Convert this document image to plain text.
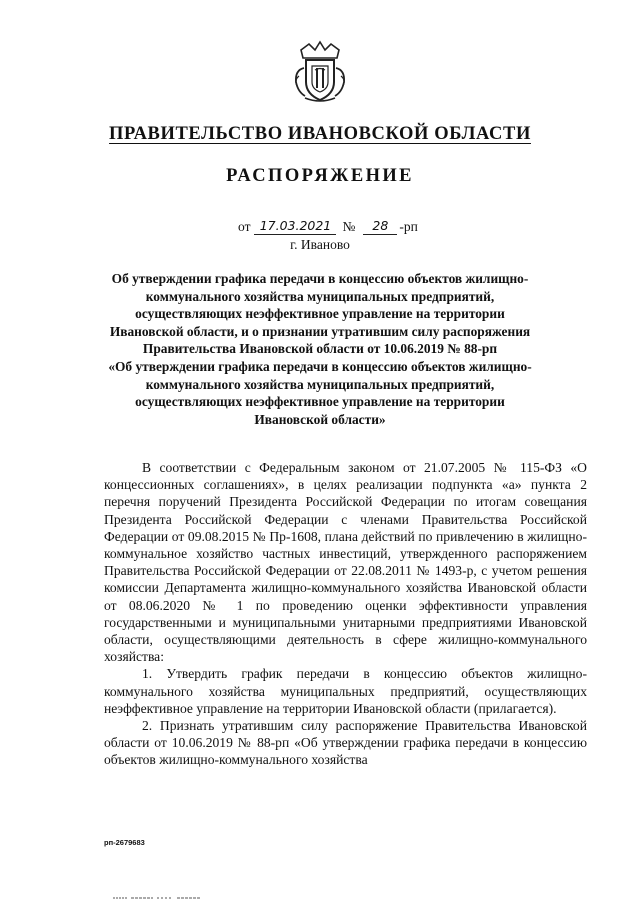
ПРАВИТЕЛЬСТВО ИВАНОВСКОЙ ОБЛАСТИ
РАСПОРЯЖЕНИЕ
от 17.03.2021 №	28 -рп
г. Иваново

Об утверждении графика передачи в концессию объектов жилищно-

коммунального хозяйства муниципальных предприятий,

осуществляющих неэффективное управление на территории

Ивановской области, и о признании утратившим силу распоряжения

Правительства Ивановской области от 10.06.2019 № 88-рп

«Об утверждении графика передачи в концессию объектов жилищно-

коммунального хозяйства муниципальных предприятий,

осуществляющих неэффективное управление на территории

Ивановской области»

В соответствии с Федеральным законом от 21.07.2005 № 115-ФЗ «О концессионных соглашениях», в целях реализации подпункта «а» пункта 2 перечня поручений Президента Российской Федерации по итогам совещания Президента Российской Федерации с членами Правительства Российской Федерации от 09.08.2015 № Пр-1608, плана действий по привлечению в жилищно-коммунальное хозяйство частных инвестиций, утвержденного распоряжением Правительства Российской Федерации от 22.08.2011 № 1493-р, с учетом решения комиссии Департамента жилищно-коммунального хозяйства Ивановской области от 08.06.2020 № 1 по проведению оценки эффективности управления государственными и муниципальными унитарными предприятиями Ивановской области, осуществляющими деятельность в сфере жилищно-коммунального хозяйства:

1. Утвердить график передачи в концессию объектов жилищно-коммунального хозяйства муниципальных предприятий, осуществляющих неэффективное управление на территории Ивановской области (прилагается).

2. Признать утратившим силу распоряжение Правительства Ивановской области от 10.06.2019 № 88-рп «Об утверждении графика передачи в концессию объектов жилищно-коммунального хозяйства

рп-2679683
